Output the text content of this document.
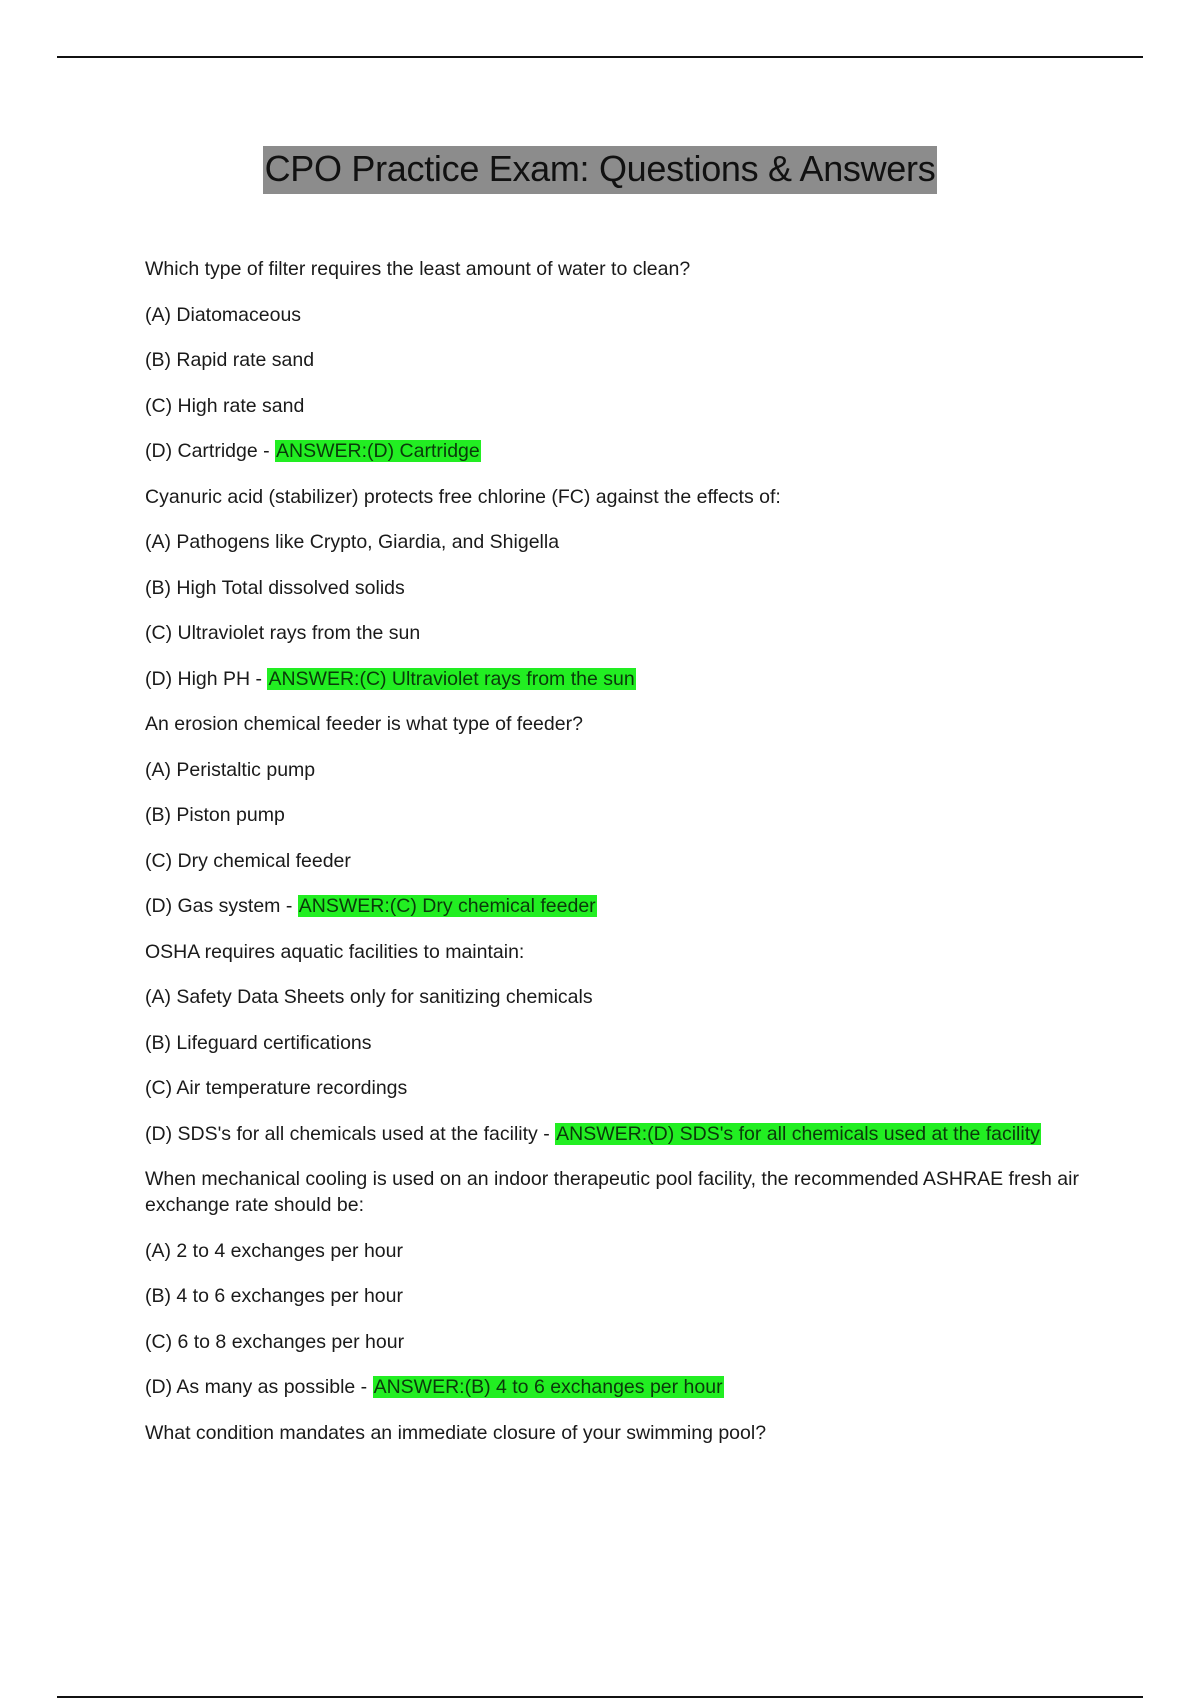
CPO Practice Exam: Questions & Answers

Which type of filter requires the least amount of water to clean?

(A) Diatomaceous

(B) Rapid rate sand

(C) High rate sand

(D) Cartridge - ANSWER:(D) Cartridge

Cyanuric acid (stabilizer) protects free chlorine (FC) against the effects of:

(A) Pathogens like Crypto, Giardia, and Shigella

(B) High Total dissolved solids

(C) Ultraviolet rays from the sun

(D) High PH - ANSWER:(C) Ultraviolet rays from the sun

An erosion chemical feeder is what type of feeder?

(A) Peristaltic pump

(B) Piston pump

(C) Dry chemical feeder

(D) Gas system - ANSWER:(C) Dry chemical feeder

OSHA requires aquatic facilities to maintain:

(A) Safety Data Sheets only for sanitizing chemicals

(B) Lifeguard certifications

(C) Air temperature recordings

(D) SDS's for all chemicals used at the facility - ANSWER:(D) SDS's for all chemicals used at the facility

When mechanical cooling is used on an indoor therapeutic pool facility, the recommended ASHRAE fresh air exchange rate should be:

(A) 2 to 4 exchanges per hour

(B) 4 to 6 exchanges per hour

(C) 6 to 8 exchanges per hour

(D) As many as possible - ANSWER:(B) 4 to 6 exchanges per hour

What condition mandates an immediate closure of your swimming pool?
